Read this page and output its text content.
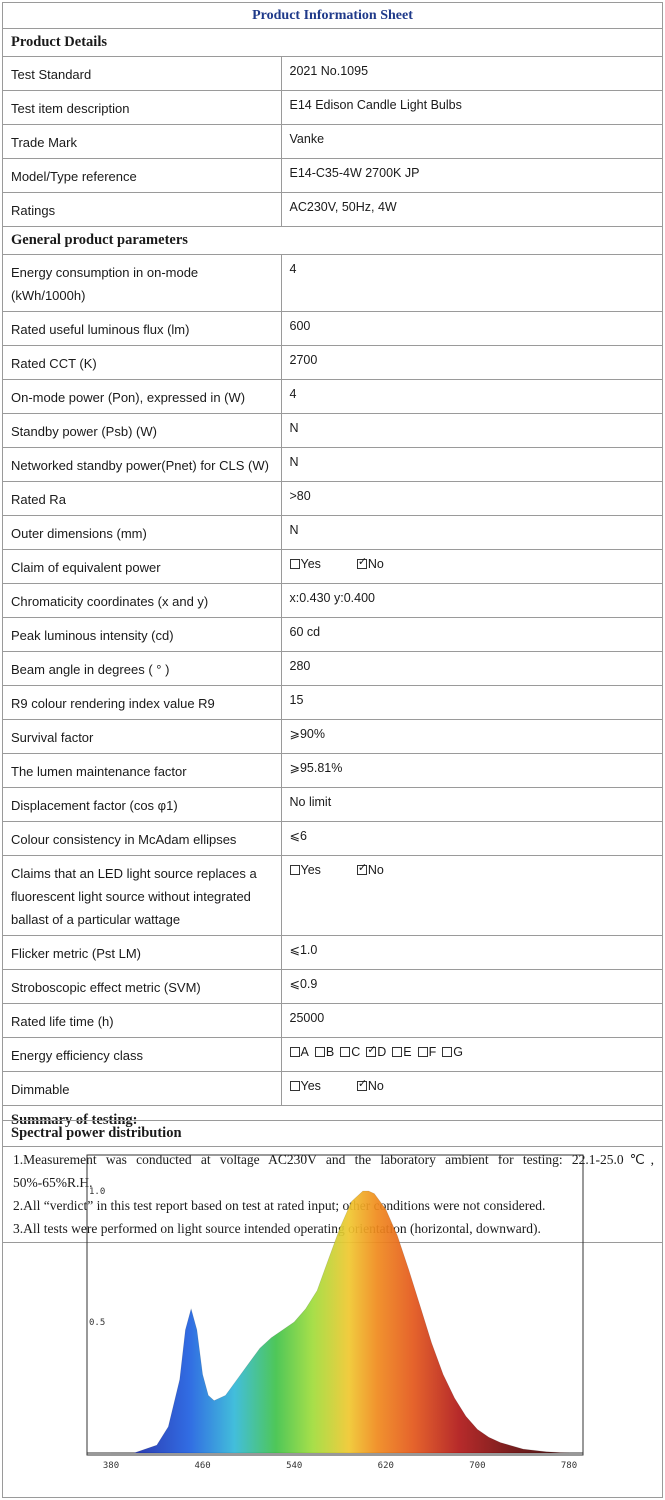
Product Information Sheet
Product Details
Test Standard	2021 No.1095
Test item description	E14 Edison Candle Light Bulbs
Trade Mark	Vanke
Model/Type reference	E14-C35-4W 2700K JP
Ratings	AC230V, 50Hz, 4W
General product parameters
Energy consumption in on-mode (kWh/1000h)	4
Rated useful luminous flux (lm)	600
Rated CCT (K)	2700
On-mode power (Pon), expressed in (W)	4
Standby power (Psb) (W)	N
Networked standby power(Pnet) for CLS (W)	N
Rated Ra	>80
Outer dimensions (mm)	N
Claim of equivalent power	Yes ✓ No
Chromaticity coordinates (x and y)	x:0.430 y:0.400
Peak luminous intensity (cd)	60 cd
Beam angle in degrees ( ° )	280
R9 colour rendering index value R9	15
Survival factor	⩾90%
The lumen maintenance factor	⩾95.81%
Displacement factor (cos φ1)	No limit
Colour consistency in McAdam ellipses	⩽6
Claims that an LED light source replaces a fluorescent light source without integrated ballast of a particular wattage	Yes ✓ No
Flicker metric (Pst LM)	⩽1.0
Stroboscopic effect metric (SVM)	⩽0.9
Rated life time (h)	25000
Energy efficiency class	A B C ✓ D E F G
Dimmable	Yes ✓ No
Summary of testing:
1.Measurement was conducted at voltage AC230V and the laboratory ambient for testing: 22.1-25.0℃, 50%-65%R.H.
2.All “verdict” in this test report based on test at rated input; other conditions were not considered.
3.All tests were performed on light source intended operating orientation (horizontal, downward).
Spectral power distribution
0.5
1.0
380	460	540	620	700	780
